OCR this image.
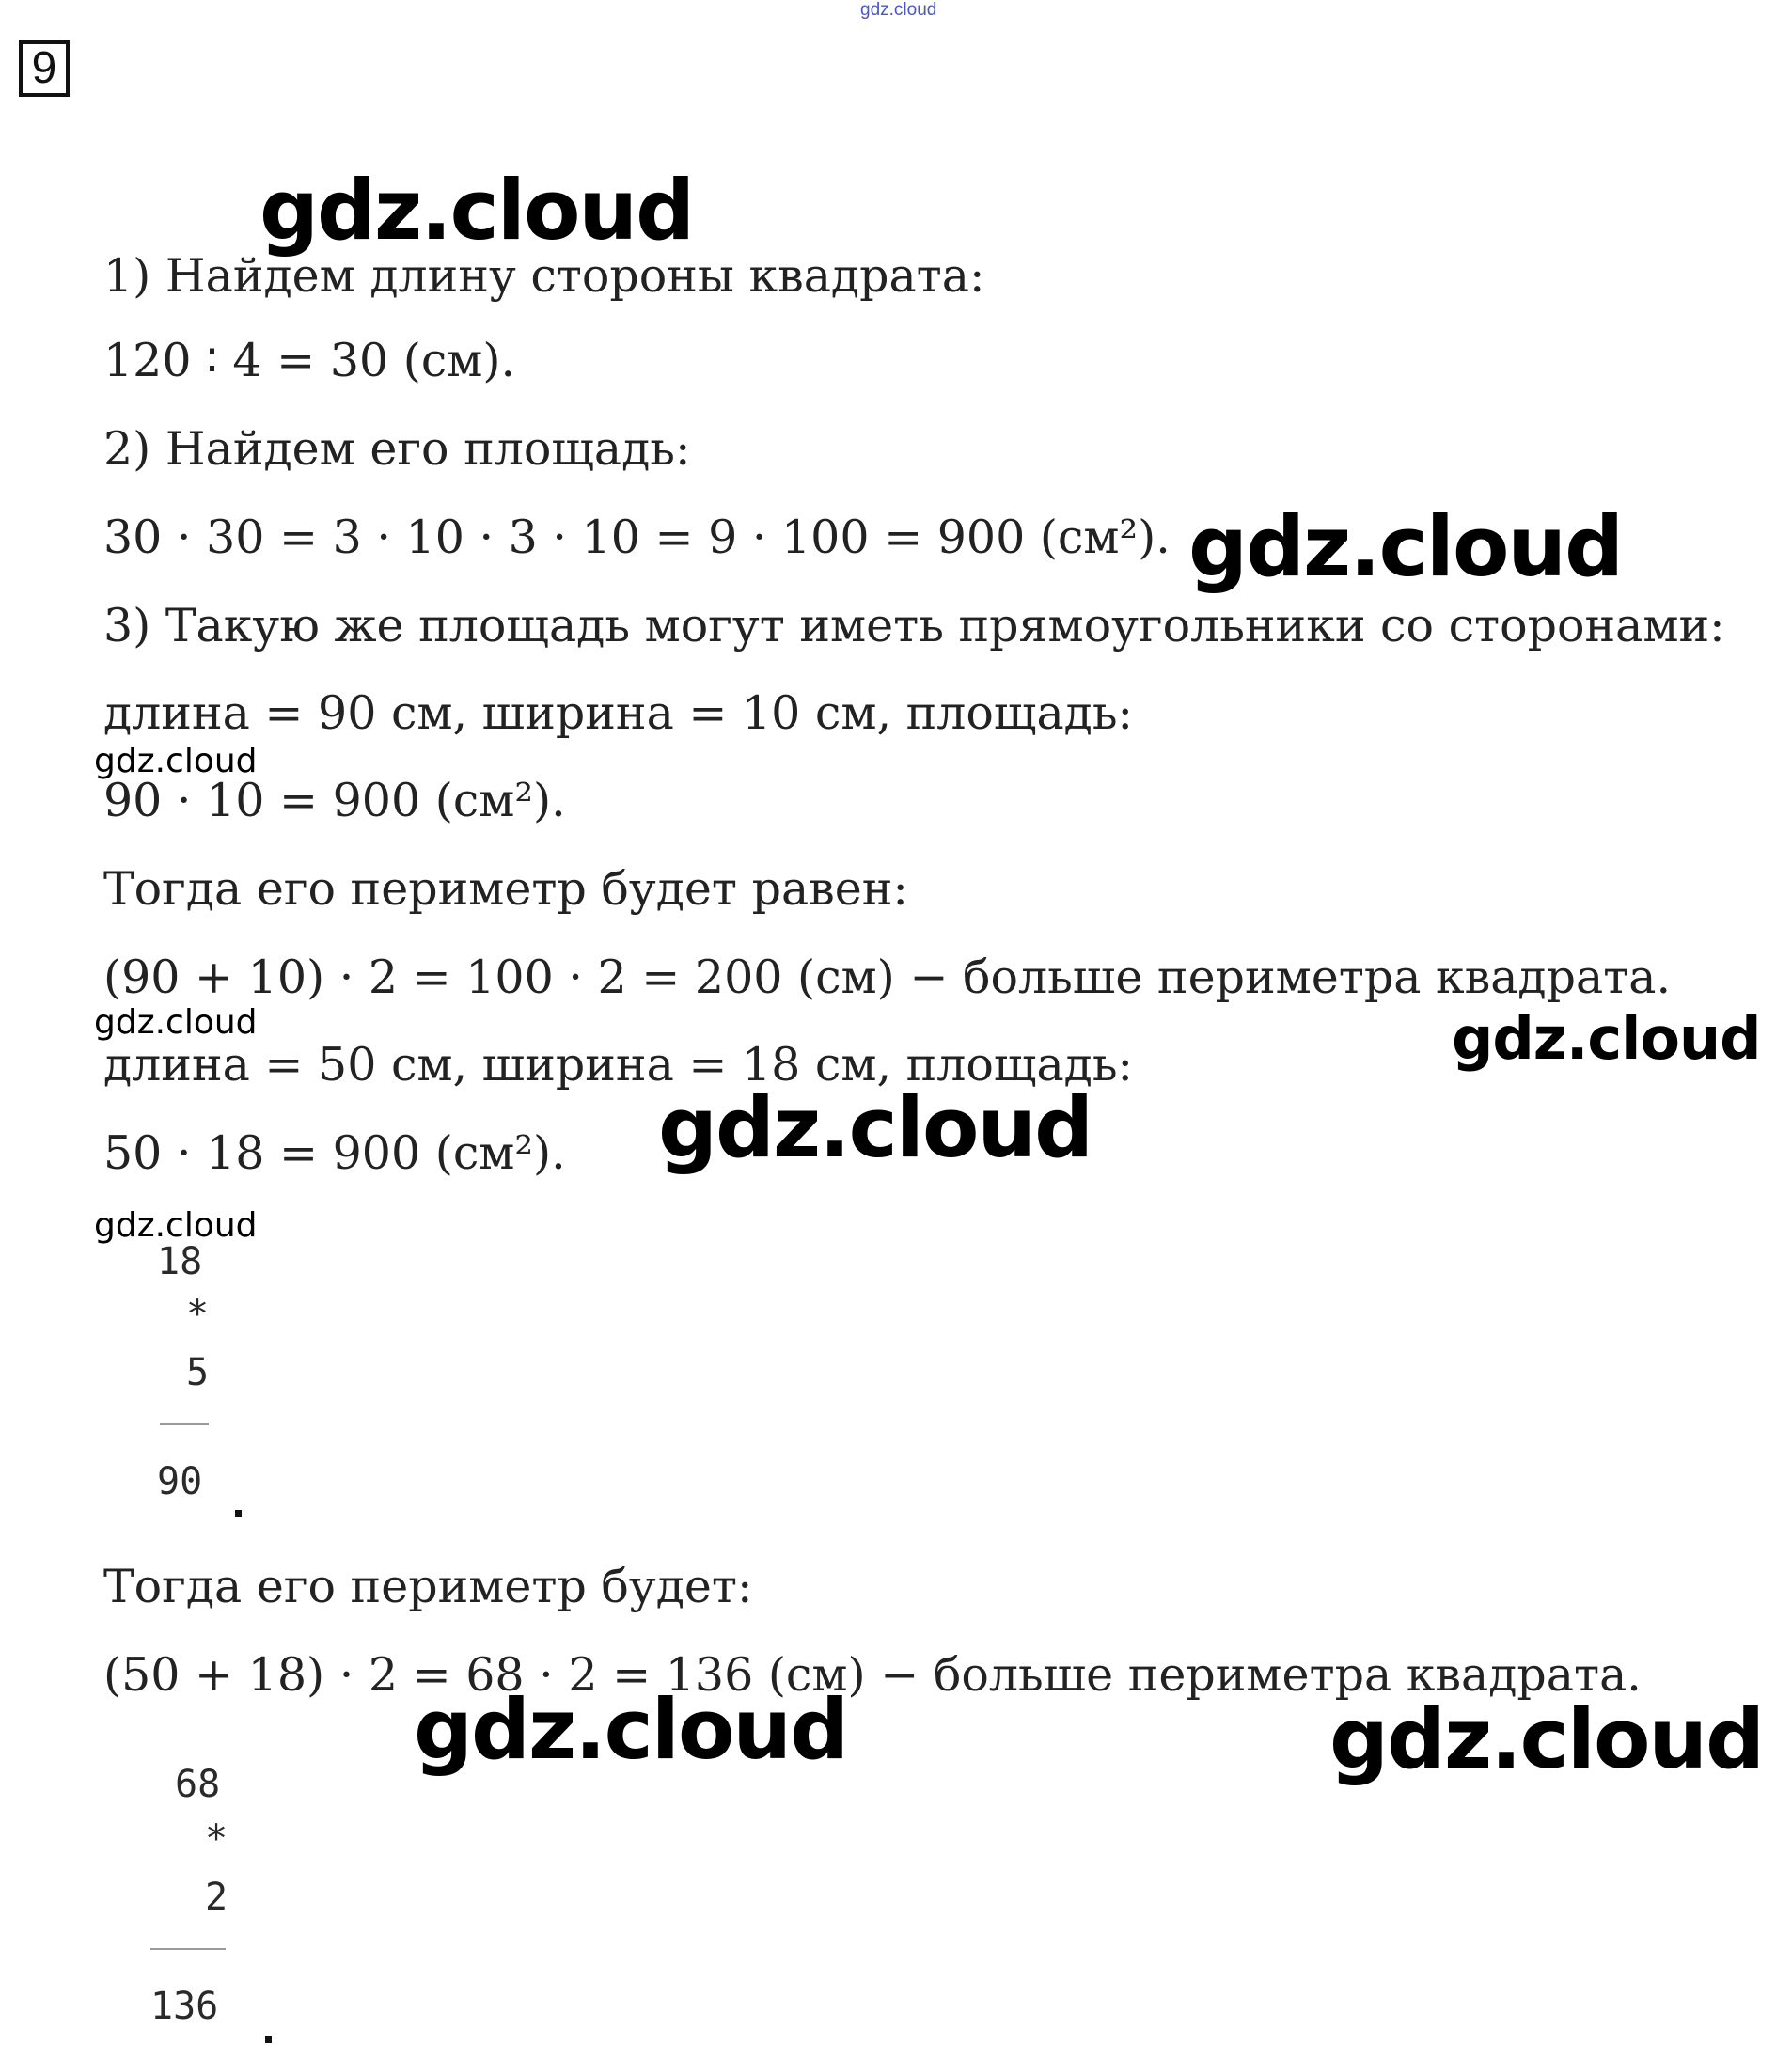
gdz.cloud
9
1) Найдем длину стороны квадрата:
120 ∶ 4 = 30 (см).
2) Найдем его площадь:
30 · 30 = 3 · 10 · 3 · 10 = 9 · 100 = 900 (см²).
3) Такую же площадь могут иметь прямоугольники со сторонами:
длина = 90 см, ширина = 10 см, площадь:
90 · 10 = 900 (см²).
Тогда его периметр будет равен:
(90 + 10) · 2 = 100 · 2 = 200 (см) − больше периметра квадрата.
длина = 50 см, ширина = 18 см, площадь:
50 · 18 = 900 (см²).
Тогда его периметр будет:
(50 + 18) · 2 = 68 · 2 = 136 (см) − больше периметра квадрата.
18
*
5
90
68
*
2
136
gdz.cloud
gdz.cloud
gdz.cloud
gdz.cloud	gdz.cloud
gdz.cloud
gdz.cloud
gdz.cloud	gdz.cloud
